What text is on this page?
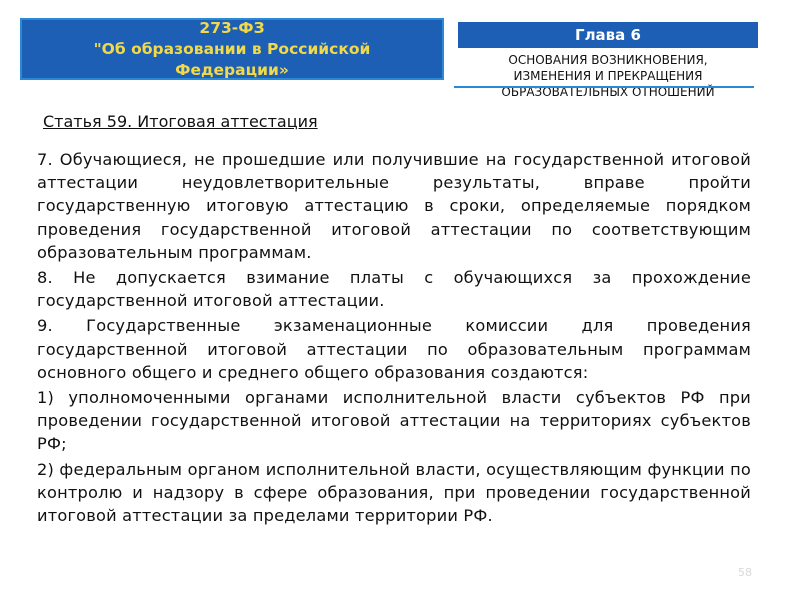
273-ФЗ
"Об образовании в Российской
Федерации»
Глава 6
ОСНОВАНИЯ ВОЗНИКНОВЕНИЯ,
ИЗМЕНЕНИЯ И ПРЕКРАЩЕНИЯ
ОБРАЗОВАТЕЛЬНЫХ ОТНОШЕНИЙ
Статья 59. Итоговая аттестация
7. Обучающиеся, не прошедшие или получившие на государственной итоговой аттестации неудовлетворительные результаты, вправе пройти государственную итоговую аттестацию в сроки, определяемые порядком проведения государственной итоговой аттестации по соответствующим образовательным программам.
8. Не допускается взимание платы с обучающихся за прохождение государственной итоговой аттестации.
9. Государственные экзаменационные комиссии для проведения государственной итоговой аттестации по образовательным программам основного общего и среднего общего образования создаются:
1) уполномоченными органами исполнительной власти субъектов РФ при проведении государственной итоговой аттестации на территориях субъектов РФ;
2) федеральным органом исполнительной власти, осуществляющим функции по контролю и надзору в сфере образования, при проведении государственной итоговой аттестации за пределами территории РФ.
58
